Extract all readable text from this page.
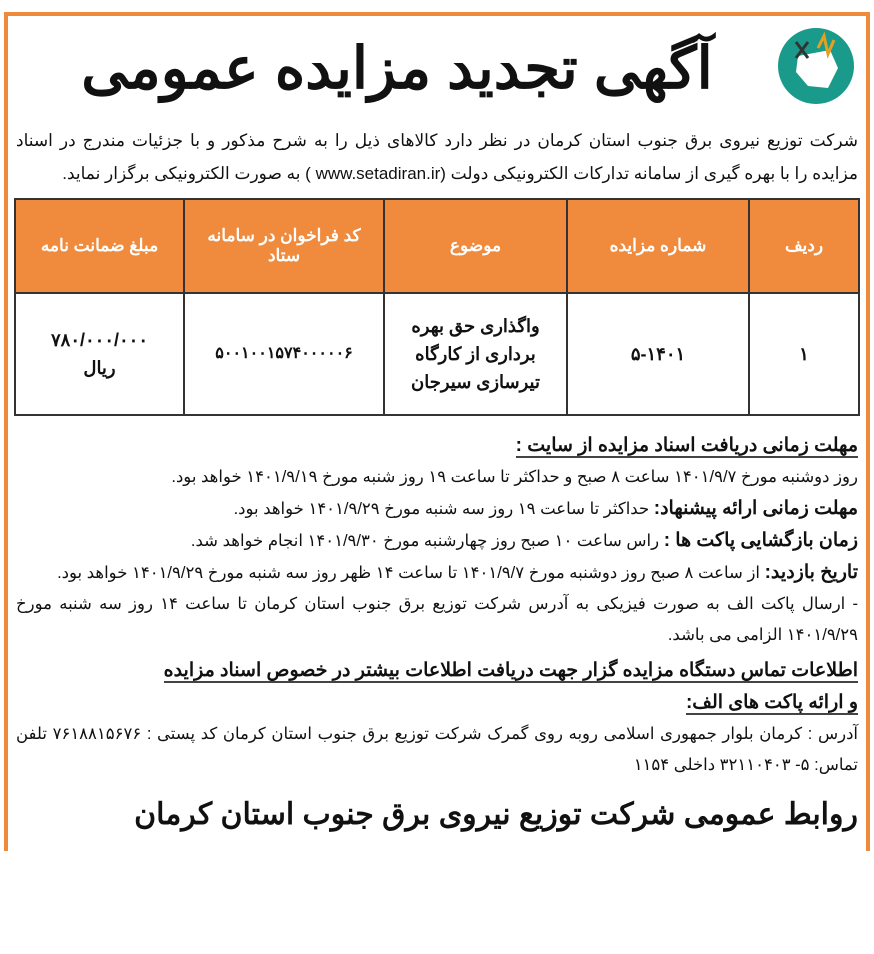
آگهی تجدید مزایده عمومی

شرکت توزیع نیروی برق جنوب استان کرمان در نظر دارد کالاهای ذیل را به شرح مذکور و با جزئیات مندرج در اسناد مزایده را با بهره گیری از سامانه تدارکات الکترونیکی دولت (www.setadiran.ir ) به صورت الکترونیکی برگزار نماید.

ردیف	شماره مزایده	موضوع	کد فراخوان در سامانه ستاد	مبلغ ضمانت نامه
۱	۵-۱۴۰۱	واگذاری حق بهره برداری از کارگاه تیرسازی سیرجان	۵۰۰۱۰۰۱۵۷۴۰۰۰۰۰۶	۷۸۰/۰۰۰/۰۰۰ ریال

مهلت زمانی دریافت اسناد مزایده از سایت :

روز دوشنبه مورخ ۱۴۰۱/۹/۷ ساعت ۸ صبح و حداکثر تا ساعت ۱۹ روز شنبه مورخ ۱۴۰۱/۹/۱۹ خواهد بود.

مهلت زمانی ارائه پیشنهاد: حداکثر تا ساعت ۱۹ روز سه شنبه مورخ ۱۴۰۱/۹/۲۹ خواهد بود.

زمان بازگشایی پاکت ها : راس ساعت ۱۰ صبح روز چهارشنبه مورخ ۱۴۰۱/۹/۳۰ انجام خواهد شد.

تاریخ بازدید: از ساعت ۸ صبح روز دوشنبه مورخ ۱۴۰۱/۹/۷ تا ساعت ۱۴ ظهر روز سه شنبه مورخ ۱۴۰۱/۹/۲۹ خواهد بود.

- ارسال پاکت الف به صورت فیزیکی به آدرس شرکت توزیع برق جنوب استان کرمان تا ساعت ۱۴ روز سه شنبه مورخ ۱۴۰۱/۹/۲۹ الزامی می باشد.

اطلاعات تماس دستگاه مزایده گزار جهت دریافت اطلاعات بیشتر در خصوص اسناد مزایده

و ارائه پاکت های الف:

آدرس : کرمان بلوار جمهوری اسلامی روبه روی گمرک شرکت توزیع برق جنوب استان کرمان کد پستی : ۷۶۱۸۸۱۵۶۷۶ تلفن تماس: ۵- ۳۲۱۱۰۴۰۳ داخلی ۱۱۵۴

روابط عمومی شرکت توزیع نیروی برق جنوب استان کرمان
